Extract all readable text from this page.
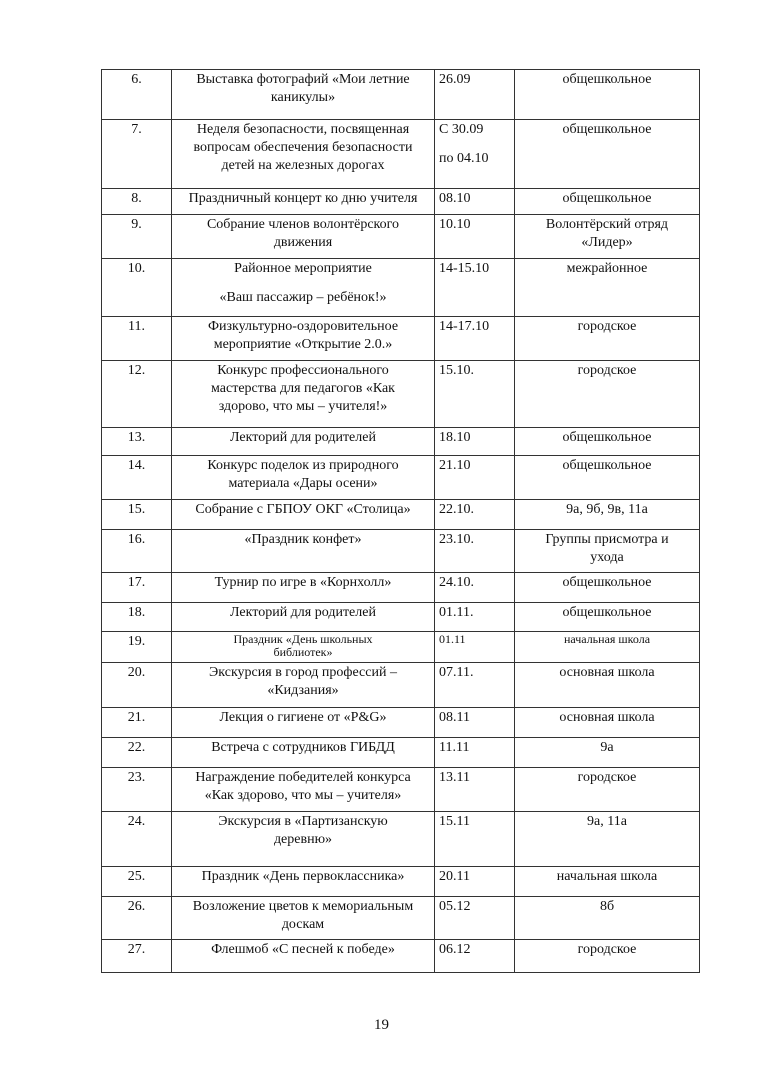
6.	Выставка фотографий «Мои летние
каникулы»	26.09	общешкольное

7.	Неделя безопасности, посвященная
вопросам обеспечения безопасности
детей на железных дорогах	С 30.09
по 04.10	общешкольное

8.	Праздничный концерт ко дню учителя	08.10	общешкольное

9.	Собрание членов волонтёрского
движения	10.10	Волонтёрский отряд
«Лидер»

10.	Районное мероприятие
«Ваш пассажир – ребёнок!»	14-15.10	межрайонное

11.	Физкультурно-оздоровительное
мероприятие «Открытие 2.0.»	14-17.10	городское

12.	Конкурс профессионального
мастерства для педагогов «Как
здорово, что мы – учителя!»	15.10.	городское

13.	Лекторий для родителей	18.10	общешкольное

14.	Конкурс поделок из природного
материала «Дары осени»	21.10	общешкольное

15.	Собрание с ГБПОУ ОКГ «Столица»	22.10.	9а, 9б, 9в, 11а

16.	«Праздник конфет»	23.10.	Группы присмотра и
ухода

17.	Турнир по игре в «Корнхолл»	24.10.	общешкольное

18.	Лекторий для родителей	01.11.	общешкольное

19.	Праздник «День школьных
библиотек»	01.11	начальная школа

20.	Экскурсия в город профессий –
«Кидзания»	07.11.	основная школа

21.	Лекция о гигиене от «P&G»	08.11	основная школа

22.	Встреча с сотрудников ГИБДД	11.11	9а

23.	Награждение победителей конкурса
«Как здорово, что мы – учителя»	13.11	городское

24.	Экскурсия в «Партизанскую
деревню»	15.11	9а, 11а

25.	Праздник «День первоклассника»	20.11	начальная школа

26.	Возложение цветов к мемориальным
доскам	05.12	8б

27.	Флешмоб «С песней к победе»	06.12	городское
19
